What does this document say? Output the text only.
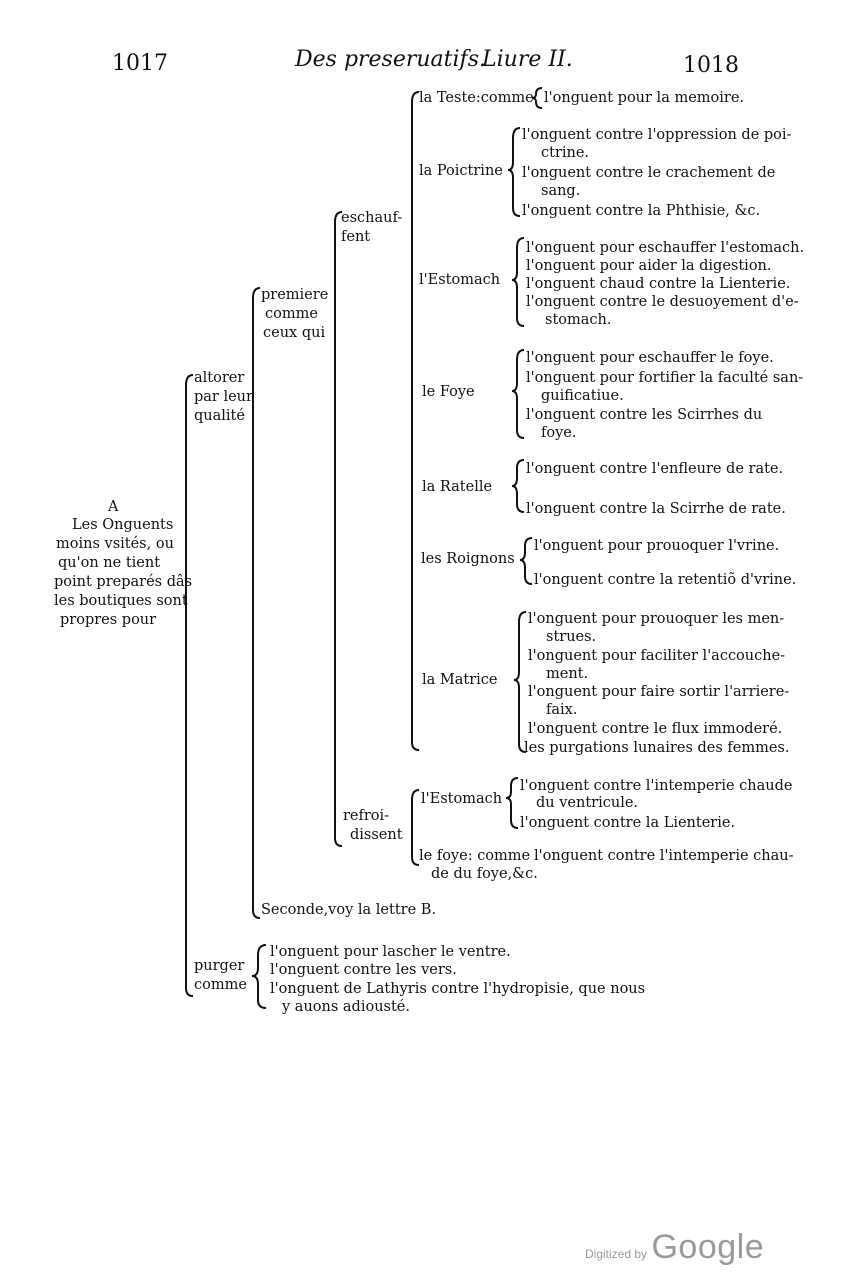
1017	Des preseruatifs.
Liure II.	1018
A
Les Onguents
moins vsités, ou
qu'on ne tient
point preparés dâs
les boutiques sont
propres pour
altorer
par leur
qualité
purger
comme
premiere
comme
ceux qui
Seconde,voy la lettre B.
eschauf-
fent
refroi-
dissent
la Teste:comme
la Poictrine
l'Estomach
le Foye
la Ratelle
les Roignons
la Matrice
l'Estomach
le foye: comme
l'onguent pour la memoire.
l'onguent contre l'oppression de poi-
ctrine.
l'onguent contre le crachement de
sang.
l'onguent contre la Phthisie, &c.
l'onguent pour eschauffer l'estomach.
l'onguent pour aider la digestion.
l'onguent chaud contre la Lienterie.
l'onguent contre le desuoyement d'e-
stomach.
l'onguent pour eschauffer le foye.
l'onguent pour fortifier la faculté san-
guificatiue.
l'onguent contre les Scirrhes du
foye.
l'onguent contre l'enfleure de rate.
l'onguent contre la Scirrhe de rate.
l'onguent pour prouoquer l'vrine.
l'onguent contre la retentiõ d'vrine.
l'onguent pour prouoquer les men-
strues.
l'onguent pour faciliter l'accouche-
ment.
l'onguent pour faire sortir l'arriere-
faix.
l'onguent contre le flux immoderé.
les purgations lunaires des femmes.
l'onguent contre l'intemperie chaude
du ventricule.
l'onguent contre la Lienterie.
l'onguent contre l'intemperie chau-
de du foye,&c.
l'onguent pour lascher le ventre.
l'onguent contre les vers.
l'onguent de Lathyris contre l'hydropisie, que nous
y auons adiousté.
Digitized by Google
